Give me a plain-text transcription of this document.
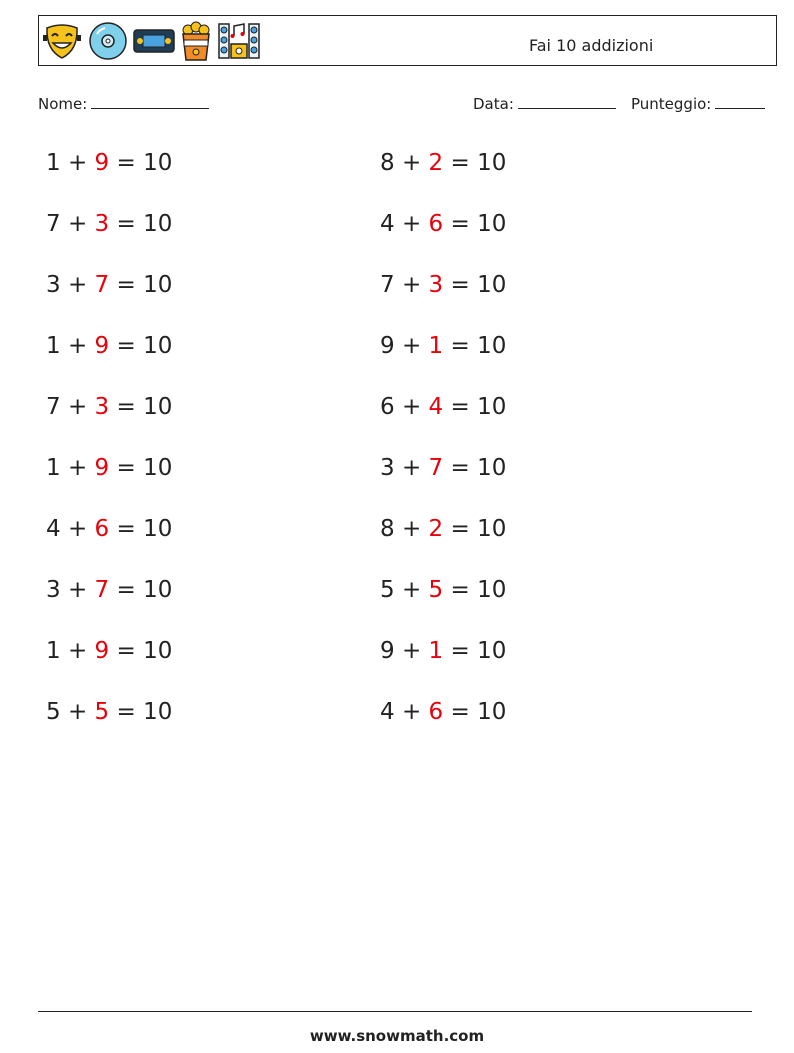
Fai 10 addizioni
Nome:	Data:	Punteggio:
1 + 9 = 10
7 + 3 = 10
3 + 7 = 10
1 + 9 = 10
7 + 3 = 10
1 + 9 = 10
4 + 6 = 10
3 + 7 = 10
1 + 9 = 10
5 + 5 = 10
8 + 2 = 10
4 + 6 = 10
7 + 3 = 10
9 + 1 = 10
6 + 4 = 10
3 + 7 = 10
8 + 2 = 10
5 + 5 = 10
9 + 1 = 10
4 + 6 = 10
www.snowmath.com
